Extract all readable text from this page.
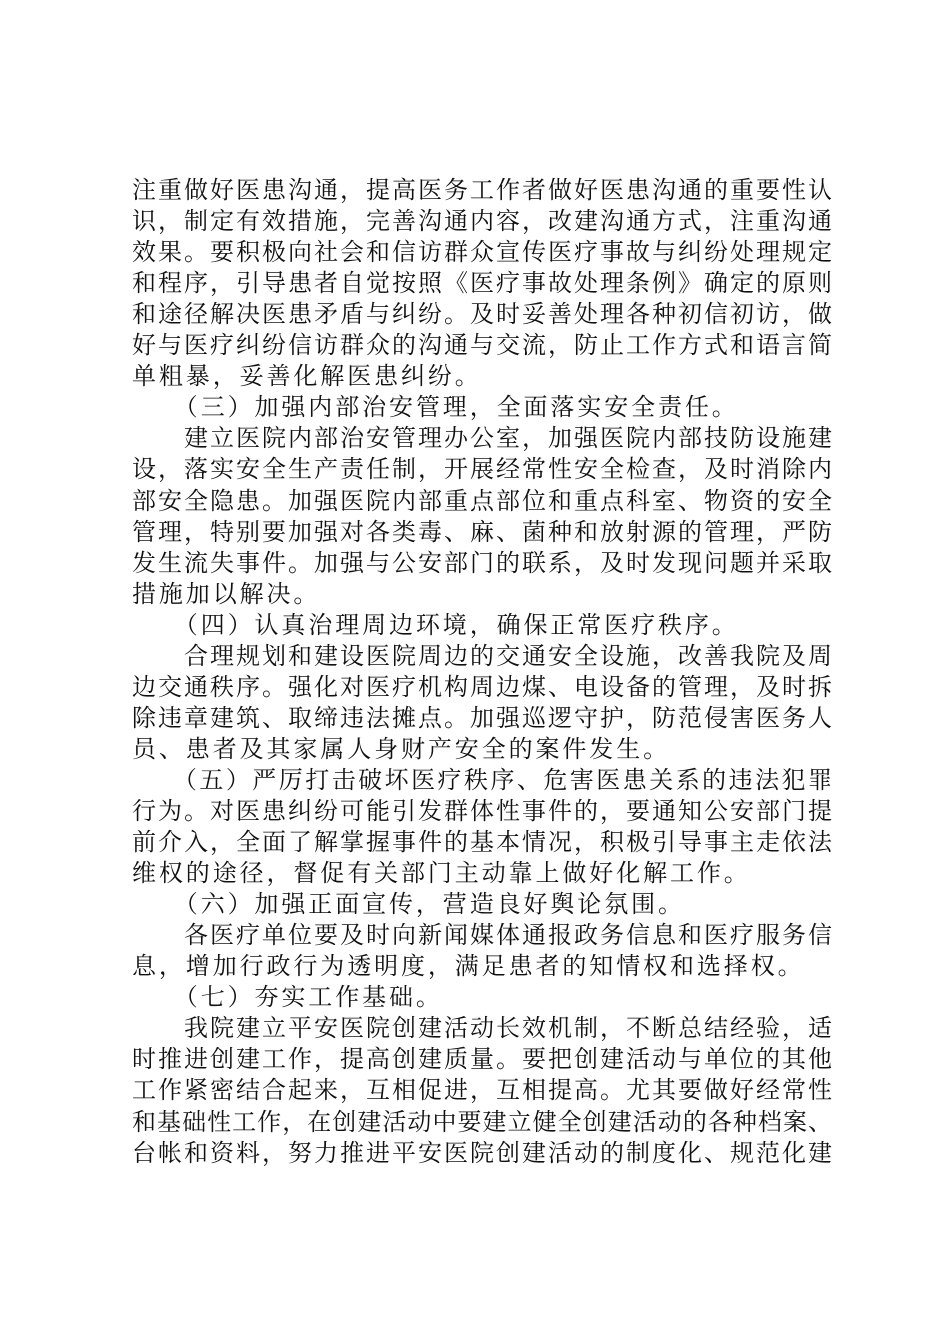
注重做好医患沟通，提高医务工作者做好医患沟通的重要性认
识，制定有效措施，完善沟通内容，改建沟通方式，注重沟通
效果。要积极向社会和信访群众宣传医疗事故与纠纷处理规定
和程序，引导患者自觉按照《医疗事故处理条例》确定的原则
和途径解决医患矛盾与纠纷。及时妥善处理各种初信初访，做
好与医疗纠纷信访群众的沟通与交流，防止工作方式和语言简
单粗暴，妥善化解医患纠纷。
　　（三）加强内部治安管理，全面落实安全责任。
　　建立医院内部治安管理办公室，加强医院内部技防设施建
设，落实安全生产责任制，开展经常性安全检查，及时消除内
部安全隐患。加强医院内部重点部位和重点科室、物资的安全
管理，特别要加强对各类毒、麻、菌种和放射源的管理，严防
发生流失事件。加强与公安部门的联系，及时发现问题并采取
措施加以解决。
　　（四）认真治理周边环境，确保正常医疗秩序。
　　合理规划和建设医院周边的交通安全设施，改善我院及周
边交通秩序。强化对医疗机构周边煤、电设备的管理，及时拆
除违章建筑、取缔违法摊点。加强巡逻守护，防范侵害医务人
员、患者及其家属人身财产安全的案件发生。
　　（五）严厉打击破坏医疗秩序、危害医患关系的违法犯罪
行为。对医患纠纷可能引发群体性事件的，要通知公安部门提
前介入，全面了解掌握事件的基本情况，积极引导事主走依法
维权的途径，督促有关部门主动靠上做好化解工作。
　　（六）加强正面宣传，营造良好舆论氛围。
　　各医疗单位要及时向新闻媒体通报政务信息和医疗服务信
息，增加行政行为透明度，满足患者的知情权和选择权。
　　（七）夯实工作基础。
　　我院建立平安医院创建活动长效机制，不断总结经验，适
时推进创建工作，提高创建质量。要把创建活动与单位的其他
工作紧密结合起来，互相促进，互相提高。尤其要做好经常性
和基础性工作，在创建活动中要建立健全创建活动的各种档案、
台帐和资料，努力推进平安医院创建活动的制度化、规范化建
